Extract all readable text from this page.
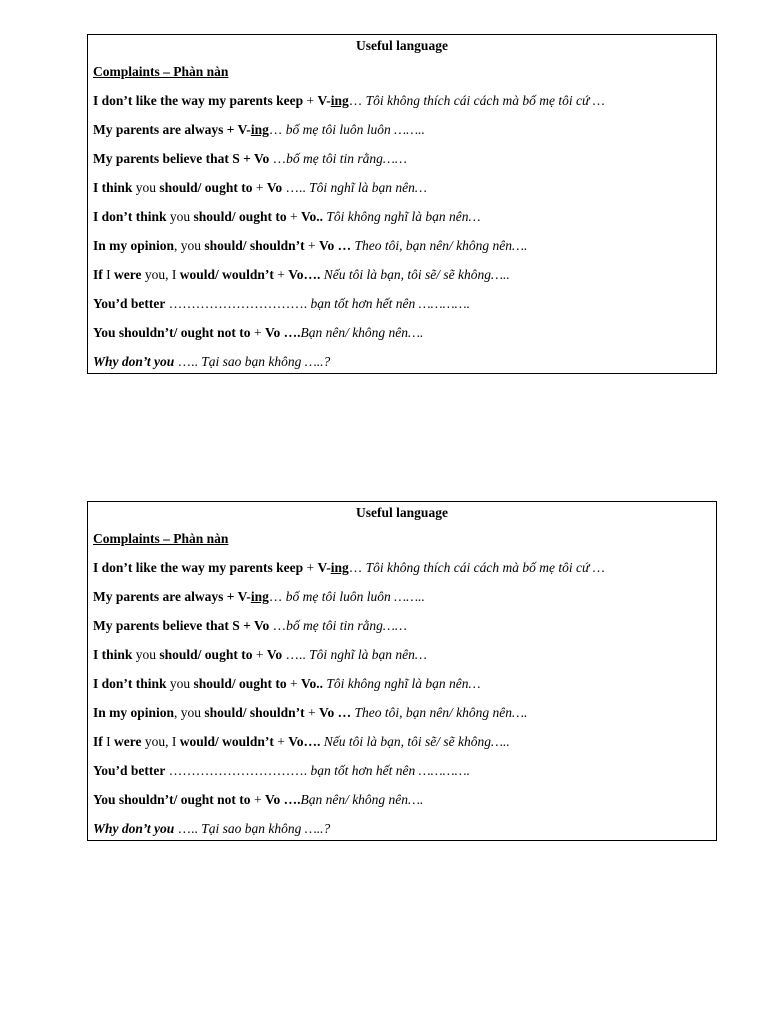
Useful language
Complaints – Phàn nàn
I don’t like the way my parents keep + V-ing… Tôi không thích cái cách mà bố mẹ tôi cứ …
My parents are always + V-ing… bố mẹ tôi luôn luôn ……..
My parents believe that S + Vo …bố mẹ tôi tin rằng……
I think you should/ ought to + Vo ….. Tôi nghĩ là bạn nên…
I don’t think you should/ ought to + Vo.. Tôi không nghĩ là bạn nên…
In my opinion, you should/ shouldn’t + Vo … Theo tôi, bạn nên/ không nên….
If I were you, I would/ wouldn’t + Vo…. Nếu tôi là bạn, tôi sẽ/ sẽ không…..
You’d better …………………………. bạn tốt hơn hết nên ………….
You shouldn’t/ ought not to + Vo ….Bạn nên/ không nên….
Why don’t you ….. Tại sao bạn không …..?
Useful language
Complaints – Phàn nàn
I don’t like the way my parents keep + V-ing… Tôi không thích cái cách mà bố mẹ tôi cứ …
My parents are always + V-ing… bố mẹ tôi luôn luôn ……..
My parents believe that S + Vo …bố mẹ tôi tin rằng……
I think you should/ ought to + Vo ….. Tôi nghĩ là bạn nên…
I don’t think you should/ ought to + Vo.. Tôi không nghĩ là bạn nên…
In my opinion, you should/ shouldn’t + Vo … Theo tôi, bạn nên/ không nên….
If I were you, I would/ wouldn’t + Vo…. Nếu tôi là bạn, tôi sẽ/ sẽ không…..
You’d better …………………………. bạn tốt hơn hết nên ………….
You shouldn’t/ ought not to + Vo ….Bạn nên/ không nên….
Why don’t you ….. Tại sao bạn không …..?
